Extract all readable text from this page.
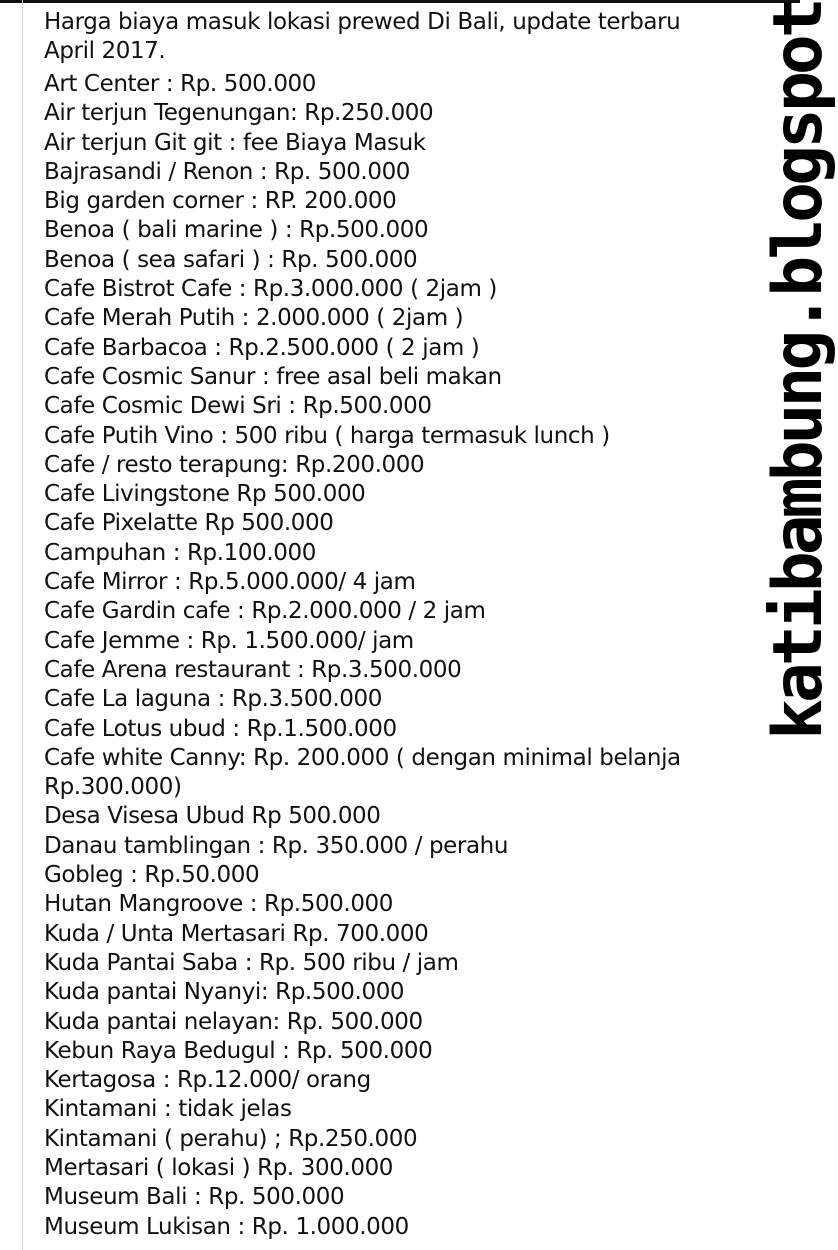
Harga biaya masuk lokasi prewed Di Bali, update terbaru April 2017.

Art Center : Rp. 500.000
Air terjun Tegenungan: Rp.250.000
Air terjun Git git : fee Biaya Masuk
Bajrasandi / Renon : Rp. 500.000
Big garden corner : RP. 200.000
Benoa ( bali marine ) : Rp.500.000
Benoa ( sea safari ) : Rp. 500.000
Cafe Bistrot Cafe : Rp.3.000.000 ( 2jam )
Cafe Merah Putih : 2.000.000 ( 2jam )
Cafe Barbacoa : Rp.2.500.000 ( 2 jam )
Cafe Cosmic Sanur : free asal beli makan
Cafe Cosmic Dewi Sri : Rp.500.000
Cafe Putih Vino : 500 ribu ( harga termasuk lunch )
Cafe / resto terapung: Rp.200.000
Cafe Livingstone Rp 500.000
Cafe Pixelatte Rp 500.000
Campuhan : Rp.100.000
Cafe Mirror : Rp.5.000.000/ 4 jam
Cafe Gardin cafe : Rp.2.000.000 / 2 jam
Cafe Jemme : Rp. 1.500.000/ jam
Cafe Arena restaurant : Rp.3.500.000
Cafe La laguna : Rp.3.500.000
Cafe Lotus ubud : Rp.1.500.000
Cafe white Canny: Rp. 200.000 ( dengan minimal belanja Rp.300.000)
Desa Visesa Ubud Rp 500.000
Danau tamblingan : Rp. 350.000 / perahu
Gobleg : Rp.50.000
Hutan Mangroove : Rp.500.000
Kuda / Unta Mertasari Rp. 700.000
Kuda Pantai Saba : Rp. 500 ribu / jam
Kuda pantai Nyanyi: Rp.500.000
Kuda pantai nelayan: Rp. 500.000
Kebun Raya Bedugul : Rp. 500.000
Kertagosa : Rp.12.000/ orang
Kintamani : tidak jelas
Kintamani ( perahu) ; Rp.250.000
Mertasari ( lokasi ) Rp. 300.000
Museum Bali : Rp. 500.000
Museum Lukisan : Rp. 1.000.000
katibambung.blogspot
